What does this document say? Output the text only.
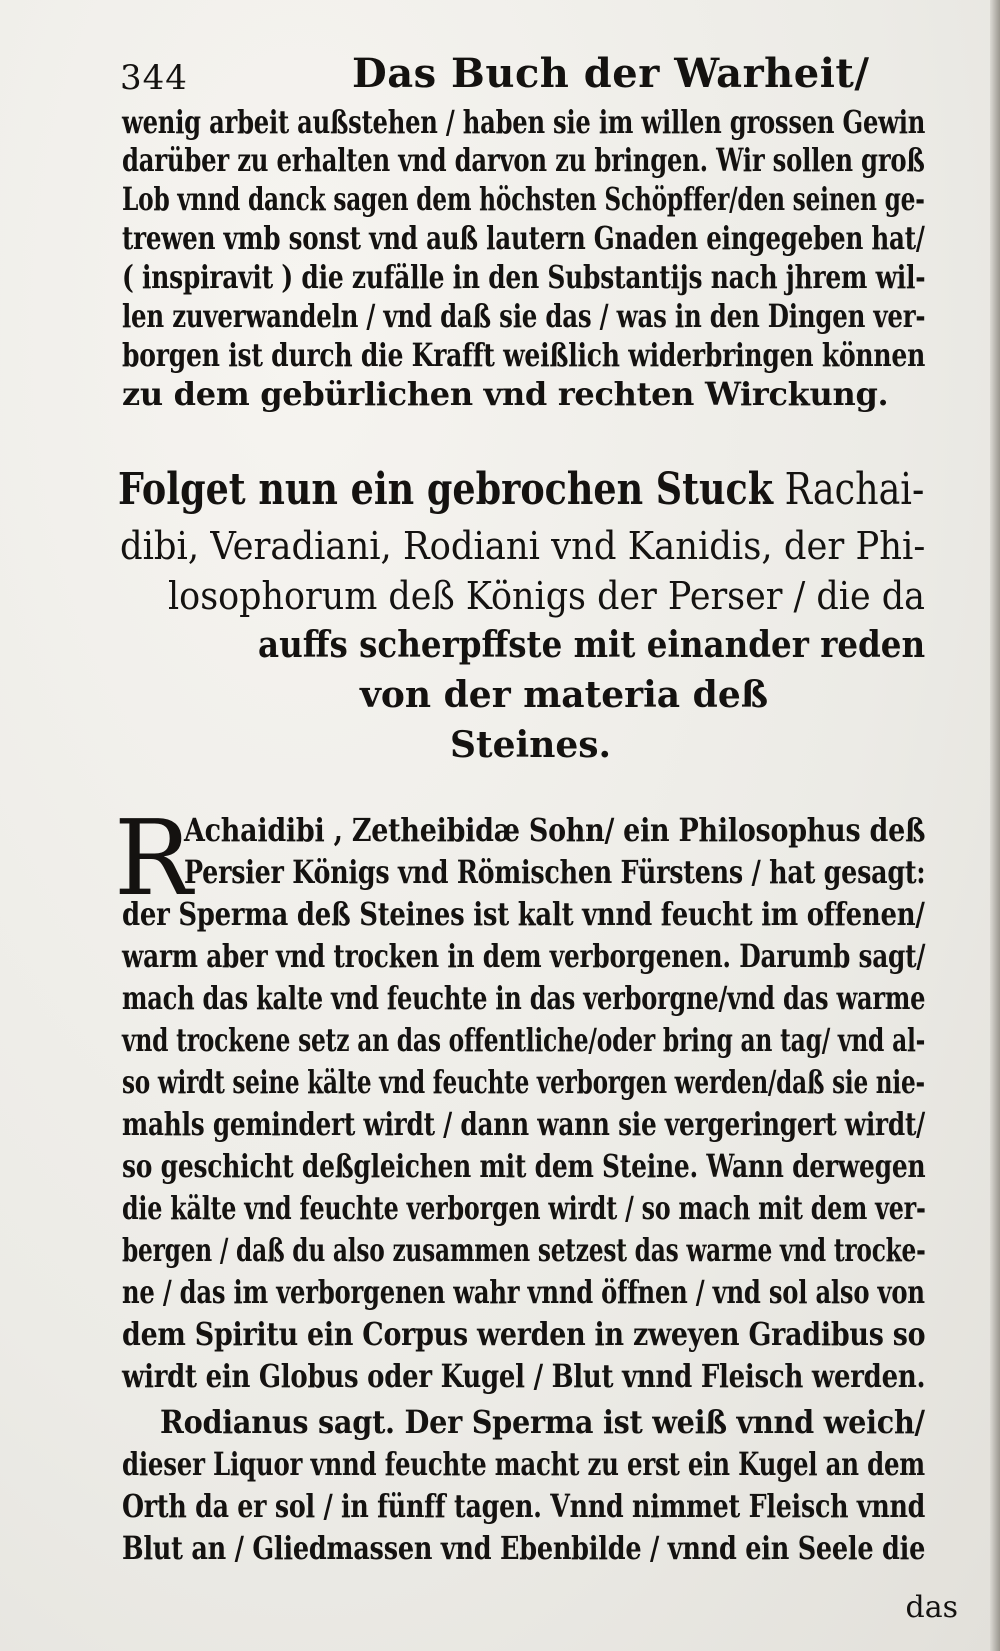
344	Das Buch der Warheit/
wenig arbeit außstehen / haben sie im willen grossen Gewin
darüber zu erhalten vnd darvon zu bringen. Wir sollen groß
Lob vnnd danck sagen dem höchsten Schöpffer/den seinen ge-
trewen vmb sonst vnd auß lautern Gnaden eingegeben hat/
( inspiravit ) die zufälle in den Substantijs nach jhrem wil-
len zuverwandeln / vnd daß sie das / was in den Dingen ver-
borgen ist durch die Krafft weißlich widerbringen können
zu dem gebürlichen vnd rechten Wirckung.
Folget nun ein gebrochen Stuck Rachai-
dibi, Veradiani, Rodiani vnd Kanidis, der Phi-
losophorum deß Königs der Perser / die da
auffs scherpffste mit einander reden
von der materia deß
Steines.
R
Achaidibi , Zetheibidæ Sohn/ ein Philosophus deß
Persier Königs vnd Römischen Fürstens / hat gesagt:
der Sperma deß Steines ist kalt vnnd feucht im offenen/
warm aber vnd trocken in dem verborgenen. Darumb sagt/
mach das kalte vnd feuchte in das verborgne/vnd das warme
vnd trockene setz an das offentliche/oder bring an tag/ vnd al-
so wirdt seine kälte vnd feuchte verborgen werden/daß sie nie-
mahls gemindert wirdt / dann wann sie vergeringert wirdt/
so geschicht deßgleichen mit dem Steine. Wann derwegen
die kälte vnd feuchte verborgen wirdt / so mach mit dem ver-
bergen / daß du also zusammen setzest das warme vnd trocke-
ne / das im verborgenen wahr vnnd öffnen / vnd sol also von
dem Spiritu ein Corpus werden in zweyen Gradibus so
wirdt ein Globus oder Kugel / Blut vnnd Fleisch werden.
Rodianus sagt. Der Sperma ist weiß vnnd weich/
dieser Liquor vnnd feuchte macht zu erst ein Kugel an dem
Orth da er sol / in fünff tagen. Vnnd nimmet Fleisch vnnd
Blut an / Gliedmassen vnd Ebenbilde / vnnd ein Seele die
das
